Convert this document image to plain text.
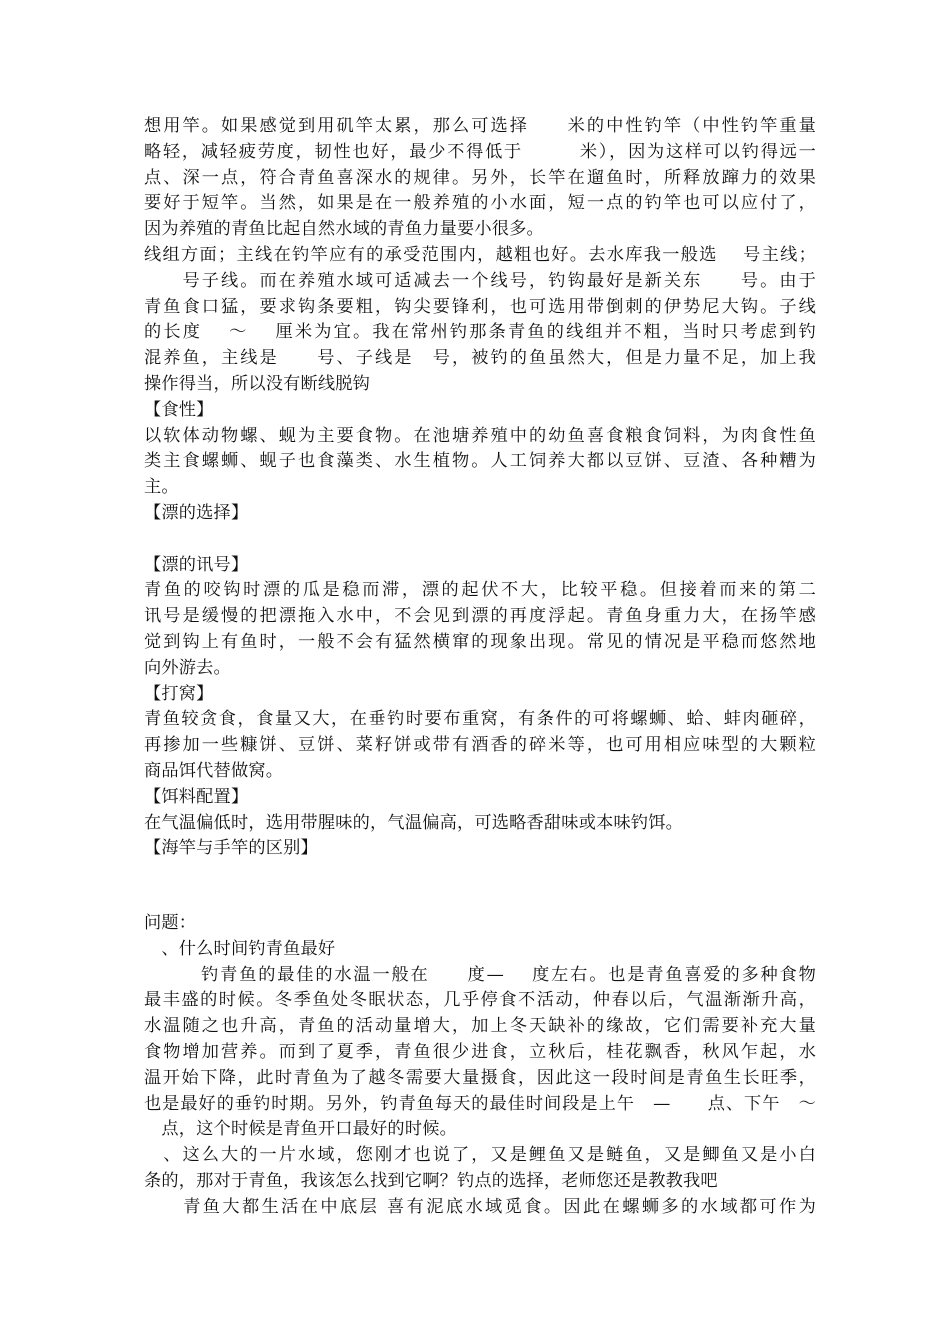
想用竿。如果感觉到用矶竿太累，那么可选择　　米的中性钓竿（中性钓竿重量
略轻，减轻疲劳度，韧性也好，最少不得低于　　　米），因为这样可以钓得远一
点、深一点，符合青鱼喜深水的规律。另外，长竿在遛鱼时，所释放蹿力的效果
要好于短竿。当然，如果是在一般养殖的小水面，短一点的钓竿也可以应付了，
因为养殖的青鱼比起自然水域的青鱼力量要小很多。
线组方面；主线在钓竿应有的承受范围内，越粗也好。去水库我一般选　 号主线；
　　号子线。而在养殖水域可适减去一个线号，钓钩最好是新关东　　号。由于
青鱼食口猛，要求钩条要粗，钩尖要锋利，也可选用带倒刺的伊势尼大钩。子线
的长度　 ～　 厘米为宜。我在常州钓那条青鱼的线组并不粗，当时只考虑到钓
混养鱼，主线是　　号、子线是　号，被钓的鱼虽然大，但是力量不足，加上我
操作得当，所以没有断线脱钩
【食性】
以软体动物螺、蚬为主要食物。在池塘养殖中的幼鱼喜食粮食饲料，为肉食性鱼
类主食螺蛳、蚬子也食藻类、水生植物。人工饲养大都以豆饼、豆渣、各种糟为
主。
【漂的选择】
【漂的讯号】
青鱼的咬钩时漂的瓜是稳而滞，漂的起伏不大，比较平稳。但接着而来的第二
讯号是缓慢的把漂拖入水中，不会见到漂的再度浮起。青鱼身重力大，在扬竿感
觉到钩上有鱼时，一般不会有猛然横窜的现象出现。常见的情况是平稳而悠然地
向外游去。
【打窝】
青鱼较贪食，食量又大，在垂钓时要布重窝，有条件的可将螺蛳、蛤、蚌肉砸碎，
再掺加一些糠饼、豆饼、菜籽饼或带有酒香的碎米等，也可用相应味型的大颗粒
商品饵代替做窝。
【饵料配置】
在气温偏低时，选用带腥味的，气温偏高，可选略香甜味或本味钓饵。
【海竿与手竿的区别】
问题：
　、什么时间钓青鱼最好
　　　钓青鱼的最佳的水温一般在　　度—　 度左右。也是青鱼喜爱的多种食物
最丰盛的时候。冬季鱼处冬眠状态，几乎停食不活动，仲春以后，气温渐渐升高，
水温随之也升高，青鱼的活动量增大，加上冬天缺补的缘故，它们需要补充大量
食物增加营养。而到了夏季，青鱼很少进食，立秋后，桂花飘香，秋风乍起，水
温开始下降，此时青鱼为了越冬需要大量摄食，因此这一段时间是青鱼生长旺季，
也是最好的垂钓时期。另外，钓青鱼每天的最佳时间段是上午　—　　点、下午　～
　点，这个时候是青鱼开口最好的时候。
　、这么大的一片水域，您刚才也说了，又是鲤鱼又是鲢鱼，又是鲫鱼又是小白
条的，那对于青鱼，我该怎么找到它啊？钓点的选择，老师您还是教教我吧
　　青鱼大都生活在中底层 喜有泥底水域觅食。因此在螺蛳多的水域都可作为
